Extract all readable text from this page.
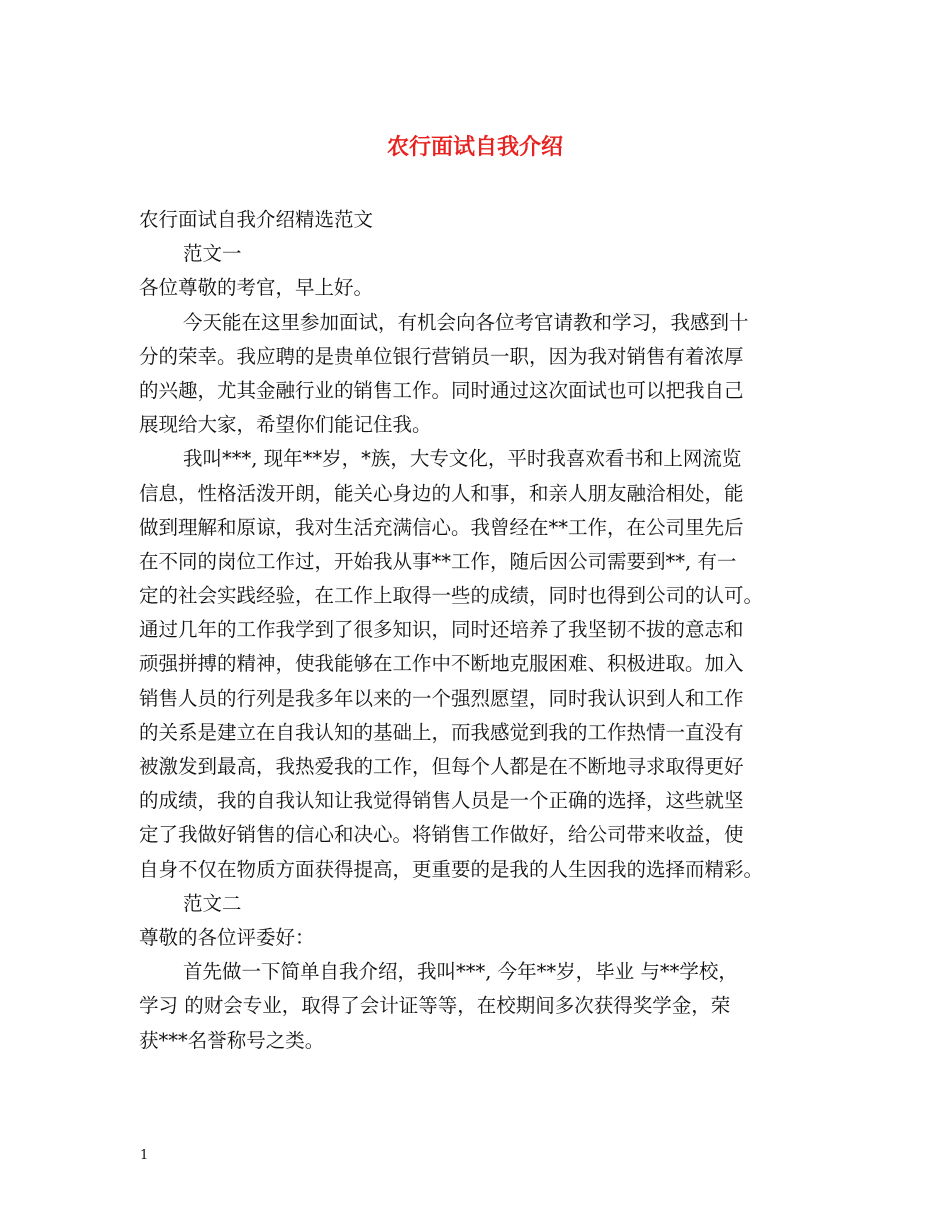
农行面试自我介绍
农行面试自我介绍精选范文
范文一
各位尊敬的考官，早上好。
今天能在这里参加面试，有机会向各位考官请教和学习，我感到十
分的荣幸。我应聘的是贵单位银行营销员一职，因为我对销售有着浓厚
的兴趣，尤其金融行业的销售工作。同时通过这次面试也可以把我自己
展现给大家，希望你们能记住我。
我叫***, 现年**岁，*族，大专文化，平时我喜欢看书和上网流览
信息，性格活泼开朗，能关心身边的人和事，和亲人朋友融洽相处，能
做到理解和原谅，我对生活充满信心。我曾经在**工作，在公司里先后
在不同的岗位工作过，开始我从事**工作，随后因公司需要到**, 有一
定的社会实践经验，在工作上取得一些的成绩，同时也得到公司的认可。
通过几年的工作我学到了很多知识，同时还培养了我坚韧不拔的意志和
顽强拼搏的精神，使我能够在工作中不断地克服困难、积极进取。加入
销售人员的行列是我多年以来的一个强烈愿望，同时我认识到人和工作
的关系是建立在自我认知的基础上，而我感觉到我的工作热情一直没有
被激发到最高，我热爱我的工作，但每个人都是在不断地寻求取得更好
的成绩，我的自我认知让我觉得销售人员是一个正确的选择，这些就坚
定了我做好销售的信心和决心。将销售工作做好，给公司带来收益，使
自身不仅在物质方面获得提高，更重要的是我的人生因我的选择而精彩。
范文二
尊敬的各位评委好：
首先做一下简单自我介绍，我叫***, 今年**岁，毕业 与**学校，
学习 的财会专业，取得了会计证等等，在校期间多次获得奖学金，荣
获***名誉称号之类。
1
